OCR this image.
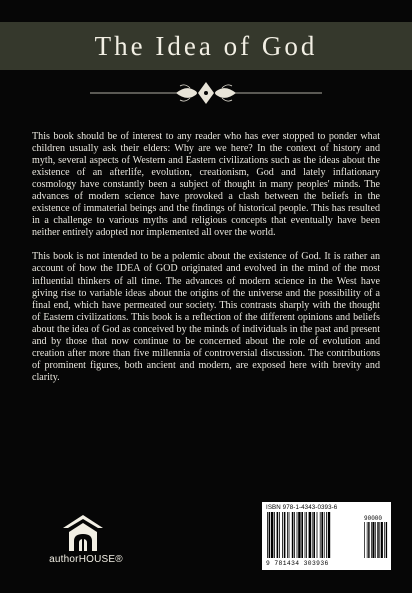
The Idea of God

This book should be of interest to any reader who has ever stopped to ponder what children usually ask their elders: Why are we here? In the context of history and myth, several aspects of Western and Eastern civilizations such as the ideas about the existence of an afterlife, evolution, creationism, God and lately inflationary cosmology have constantly been a subject of thought in many peoples' minds. The advances of modern science have provoked a clash between the beliefs in the existence of immaterial beings and the findings of historical people. This has resulted in a challenge to various myths and religious concepts that eventually have been neither entirely adopted nor implemented all over the world.

This book is not intended to be a polemic about the existence of God. It is rather an account of how the IDEA of GOD originated and evolved in the mind of the most influential thinkers of all time. The advances of modern science in the West have giving rise to variable ideas about the origins of the universe and the possibility of a final end, which have permeated our society. This contrasts sharply with the thought of Eastern civilizations. This book is a reflection of the different opinions and beliefs about the idea of God as conceived by the minds of individuals in the past and present and by those that now continue to be concerned about the role of evolution and creation after more than five millennia of controversial discussion. The contributions of prominent figures, both ancient and modern, are exposed here with brevity and clarity.

authorHOUSE®
ISBN 978-1-4343-0393-6
90000
9 781434 303936
